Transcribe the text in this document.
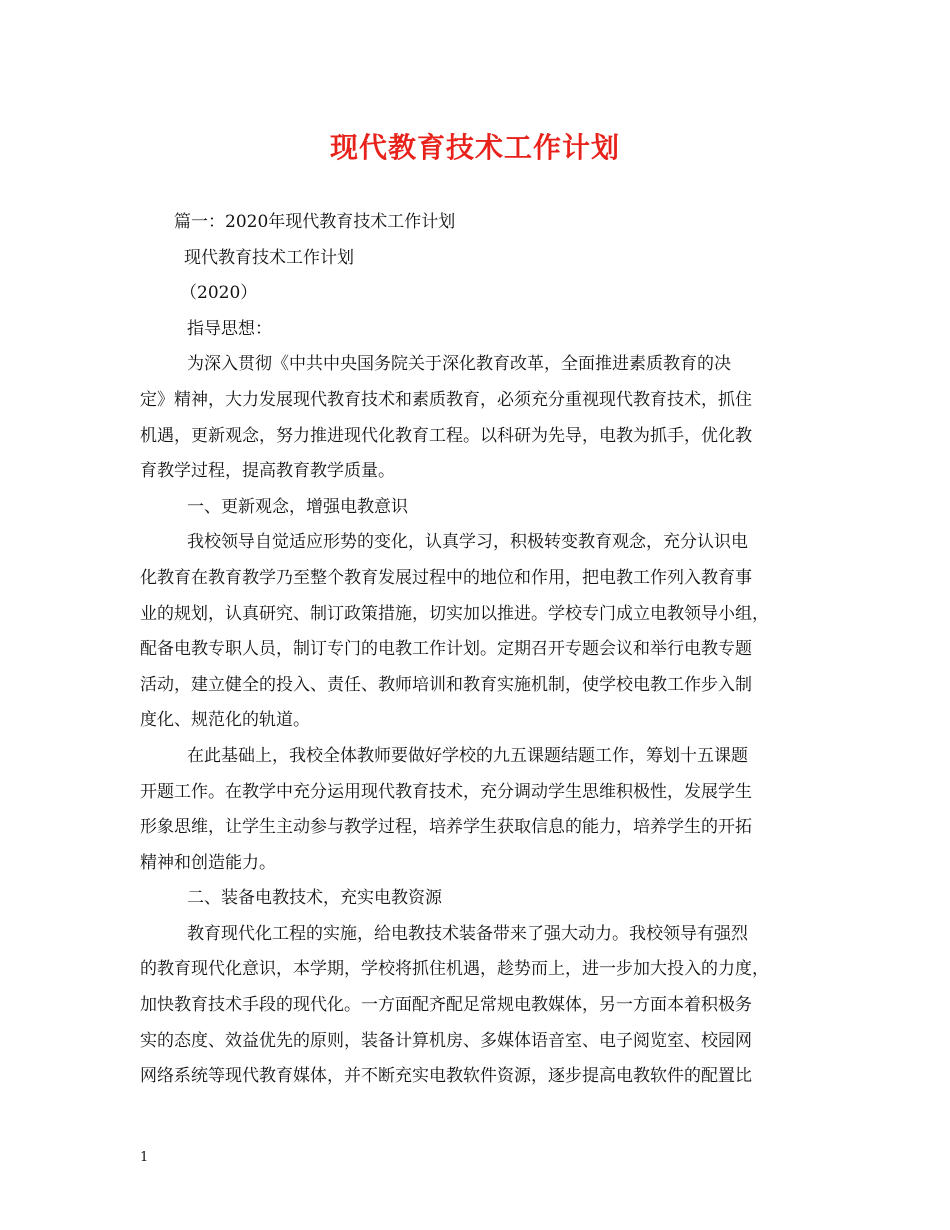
现代教育技术工作计划
篇一：2020年现代教育技术工作计划
现代教育技术工作计划
（2020）
指导思想：
为深入贯彻《中共中央国务院关于深化教育改革，全面推进素质教育的决
定》精神，大力发展现代教育技术和素质教育，必须充分重视现代教育技术，抓住
机遇，更新观念，努力推进现代化教育工程。以科研为先导，电教为抓手，优化教
育教学过程，提高教育教学质量。
一、更新观念，增强电教意识
我校领导自觉适应形势的变化，认真学习，积极转变教育观念，充分认识电
化教育在教育教学乃至整个教育发展过程中的地位和作用，把电教工作列入教育事
业的规划，认真研究、制订政策措施，切实加以推进。学校专门成立电教领导小组，
配备电教专职人员，制订专门的电教工作计划。定期召开专题会议和举行电教专题
活动，建立健全的投入、责任、教师培训和教育实施机制，使学校电教工作步入制
度化、规范化的轨道。
在此基础上，我校全体教师要做好学校的九五课题结题工作，筹划十五课题
开题工作。在教学中充分运用现代教育技术，充分调动学生思维积极性，发展学生
形象思维，让学生主动参与教学过程，培养学生获取信息的能力，培养学生的开拓
精神和创造能力。
二、装备电教技术，充实电教资源
教育现代化工程的实施，给电教技术装备带来了强大动力。我校领导有强烈
的教育现代化意识，本学期，学校将抓住机遇，趁势而上，进一步加大投入的力度，
加快教育技术手段的现代化。一方面配齐配足常规电教媒体，另一方面本着积极务
实的态度、效益优先的原则，装备计算机房、多媒体语音室、电子阅览室、校园网
网络系统等现代教育媒体，并不断充实电教软件资源，逐步提高电教软件的配置比
1
